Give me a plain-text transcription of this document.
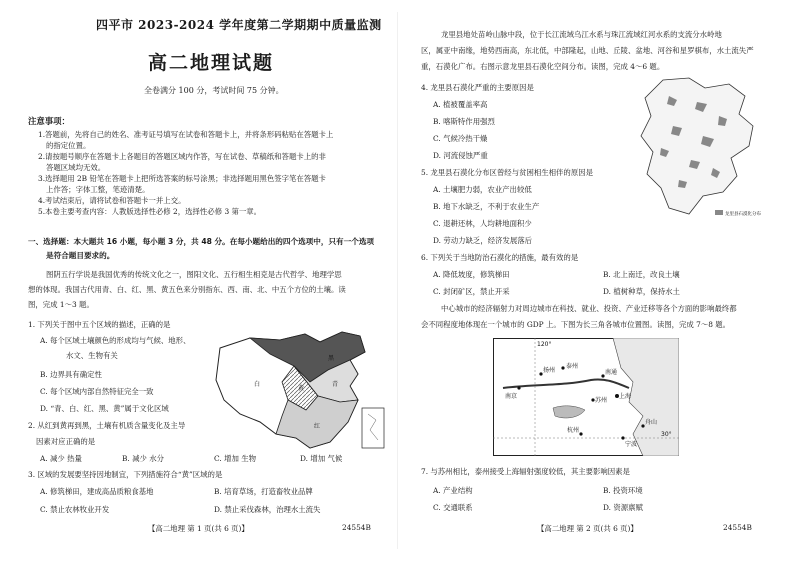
四平市 2023-2024 学年度第二学期期中质量监测
高二地理试题
全卷满分 100 分，考试时间 75 分钟。
注意事项：
1.答题前，先将自己的姓名、准考证号填写在试卷和答题卡上，并将条形码粘贴在答题卡上
的指定位置。
2.请按题号顺序在答题卡上各题目的答题区域内作答，写在试卷、草稿纸和答题卡上的非
答题区域均无效。
3.选择题用 2B 铅笔在答题卡上把所选答案的标号涂黑；非选择题用黑色签字笔在答题卡
上作答；字体工整，笔迹清楚。
4.考试结束后，请将试卷和答题卡一并上交。
5.本卷主要考查内容：人教版选择性必修 2，选择性必修 3 第一章。
一、选择题：本大题共 16 小题，每小题 3 分，共 48 分。在每小题给出的四个选项中，只有一个选项
是符合题目要求的。
图阴五行学说是我国优秀的传统文化之一，图阳文化、五行相生相克是古代哲学、地理学思
想的体现。我国古代用青、白、红、黑、黄五色来分别指东、西、南、北、中五个方位的土壤。读
图，完成 1～3 题。
1. 下列关于图中五个区域的描述，正确的是
A. 每个区域土壤颜色的形成均与气候、地形、
水文、生物有关
B. 边界具有确定性
C. 每个区域内部自然特征完全一致
D. “青、白、红、黑、黄”属于文化区域
2. 从红到黄再到黑，土壤有机质含量变化及主导
因素对应正确的是
A. 减少 热量	B. 减少 水分	C. 增加 生物	D. 增加 气候
3. 区域的发展要坚持因地制宜，下列措施符合“黄”区域的是
A. 修筑梯田，建成高品质粮食基地	B. 培育草场，打造畜牧业品牌
C. 禁止农林牧业开发	D. 禁止采伐森林，治理水土流失
【高二地理 第 1 页(共 6 页)】	24554B
黑
白
黄
青
红
龙里县地处苗岭山脉中段，位于长江流域乌江水系与珠江流域红河水系的支流分水岭地
区，属亚中南缘，地势西南高，东北低，中部隆起，山地、丘陵、盆地、河谷和星罗棋布，水土流失严
重，石漠化广布。右图示意龙里县石漠化空间分布。读图，完成 4～6 题。
4. 龙里县石漠化严重的主要原因是
A. 植被覆盖率高
B. 喀斯特作用强烈
C. 气候冷热干燥
D. 河流侵蚀严重
5. 龙里县石漠化分布区曾经与贫困相生相伴的原因是
A. 土壤肥力弱，农业产出较低
B. 地下水缺乏，不利于农业生产
C. 退耕还林，人均耕地面积少
D. 劳动力缺乏，经济发展落后
6. 下列关于当地防治石漠化的措施，最有效的是
A. 降低坡度，修筑梯田	B. 北上南迁，改良土壤
C. 封闭矿区，禁止开采	D. 植树种草，保持水土
中心城市的经济辐射力对周边城市在科技、就业、投资、产业迁移等各个方面的影响最终都
会不同程度地体现在一个城市的 GDP 上。下图为长三角各城市位置图。读图，完成 7～8 题。
7. 与苏州相比，泰州接受上海辐射强度较低，其主要影响因素是
A. 产业结构	B. 投资环境
C. 交通联系	D. 资源禀赋
【高二地理 第 2 页(共 6 页)】	24554B
龙里县石漠化分布
120°
30°
泰州
南通
苏州
上海
杭州
宁波
舟山
扬州
南京
